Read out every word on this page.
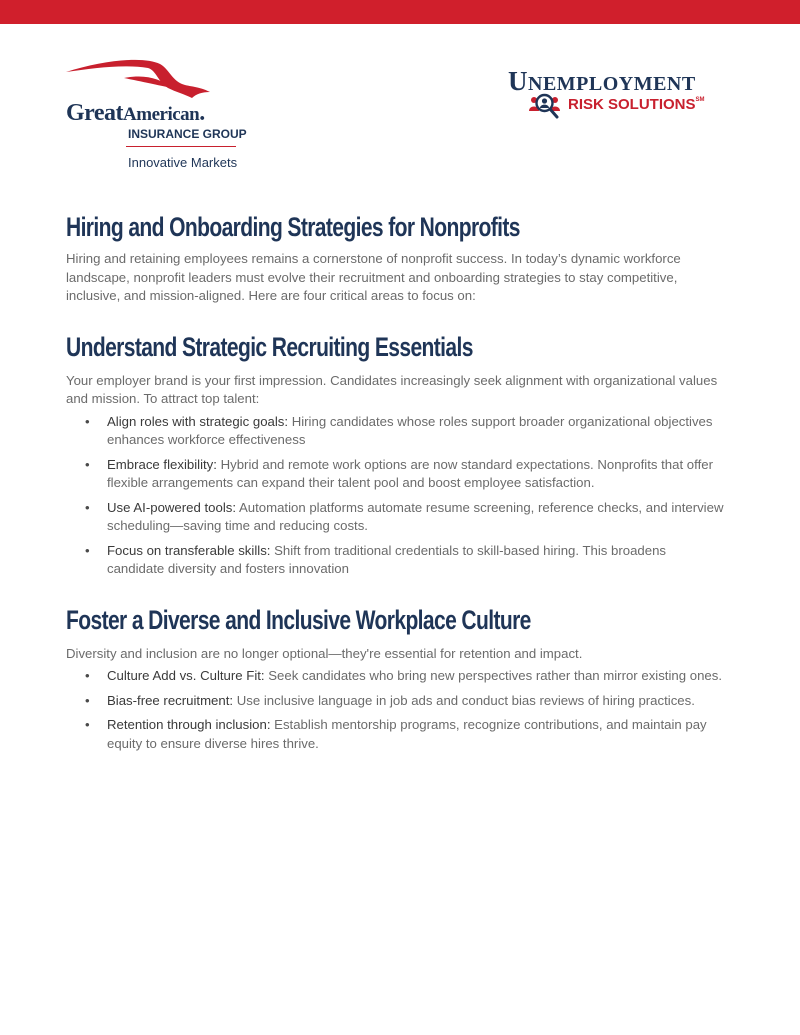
GreatAmerican.
INSURANCE GROUP
Innovative Markets
UNEMPLOYMENT
RISK SOLUTIONS℠
Hiring and Onboarding Strategies for Nonprofits

Hiring and retaining employees remains a cornerstone of nonprofit success. In today’s dynamic workforce landscape, nonprofit leaders must evolve their recruitment and onboarding strategies to stay competitive, inclusive, and mission-aligned. Here are four critical areas to focus on:

Understand Strategic Recruiting Essentials

Your employer brand is your first impression. Candidates increasingly seek alignment with organizational values and mission. To attract top talent:

• Align roles with strategic goals: Hiring candidates whose roles support broader organizational objectives enhances workforce effectiveness
• Embrace flexibility: Hybrid and remote work options are now standard expectations. Nonprofits that offer flexible arrangements can expand their talent pool and boost employee satisfaction.
• Use AI-powered tools: Automation platforms automate resume screening, reference checks, and interview scheduling—saving time and reducing costs.
• Focus on transferable skills: Shift from traditional credentials to skill-based hiring. This broadens candidate diversity and fosters innovation
Foster a Diverse and Inclusive Workplace Culture

Diversity and inclusion are no longer optional—they're essential for retention and impact.

• Culture Add vs. Culture Fit: Seek candidates who bring new perspectives rather than mirror existing ones.
• Bias-free recruitment: Use inclusive language in job ads and conduct bias reviews of hiring practices.
• Retention through inclusion: Establish mentorship programs, recognize contributions, and maintain pay equity to ensure diverse hires thrive.
